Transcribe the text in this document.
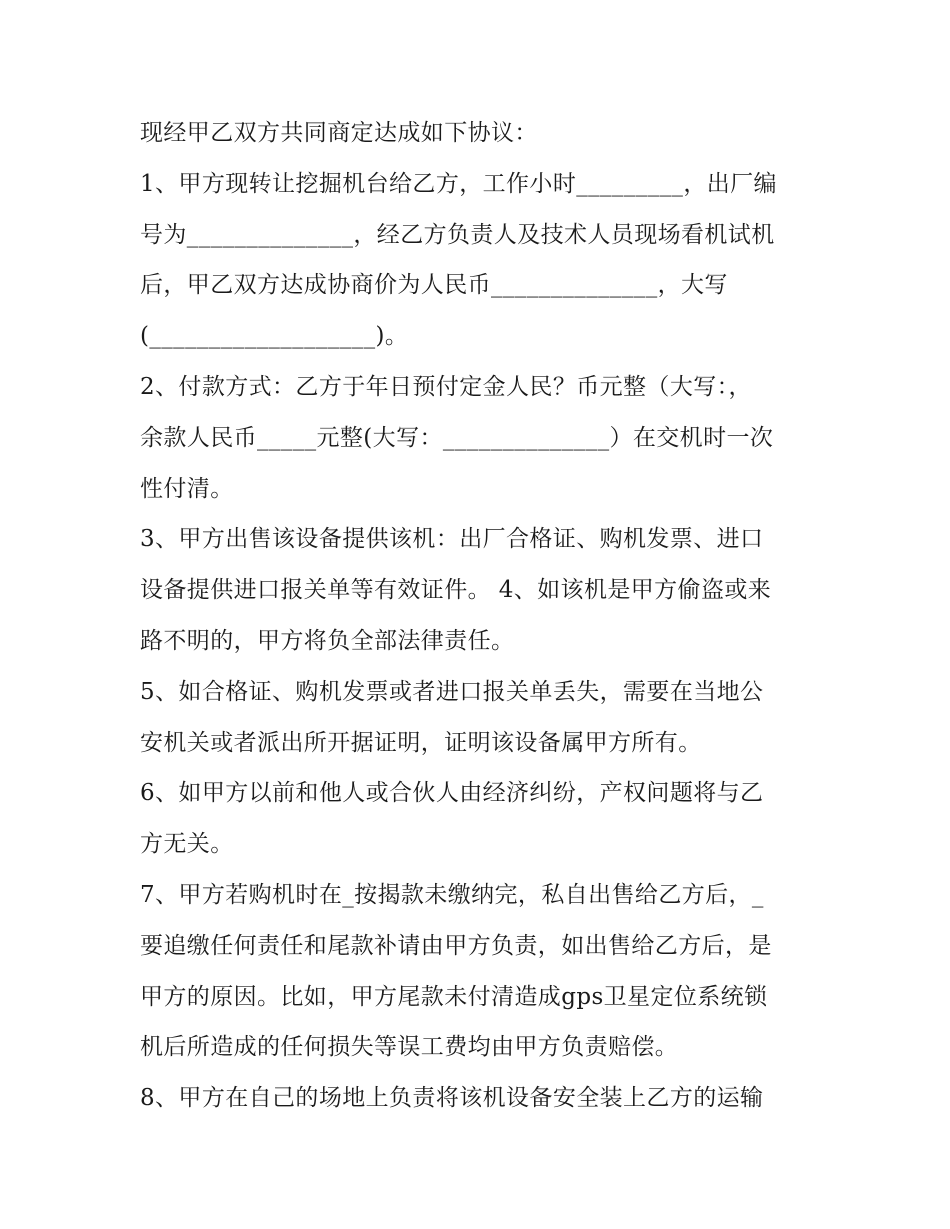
现经甲乙双方共同商定达成如下协议：
1、甲方现转让挖掘机台给乙方，工作小时_________，出厂编
号为______________，经乙方负责人及技术人员现场看机试机
后，甲乙双方达成协商价为人民币______________，大写
(___________________)。
2、付款方式：乙方于年日预付定金人民？币元整（大写：，
余款人民币_____元整(大写：______________）在交机时一次
性付清。
3、甲方出售该设备提供该机：出厂合格证、购机发票、进口
设备提供进口报关单等有效证件。 4、如该机是甲方偷盗或来
路不明的，甲方将负全部法律责任。
5、如合格证、购机发票或者进口报关单丢失，需要在当地公
安机关或者派出所开据证明，证明该设备属甲方所有。
6、如甲方以前和他人或合伙人由经济纠纷，产权问题将与乙
方无关。
7、甲方若购机时在_按揭款未缴纳完，私自出售给乙方后，_
要追缴任何责任和尾款补请由甲方负责，如出售给乙方后，是
甲方的原因。比如，甲方尾款未付清造成gps卫星定位系统锁
机后所造成的任何损失等误工费均由甲方负责赔偿。
8、甲方在自己的场地上负责将该机设备安全装上乙方的运输
